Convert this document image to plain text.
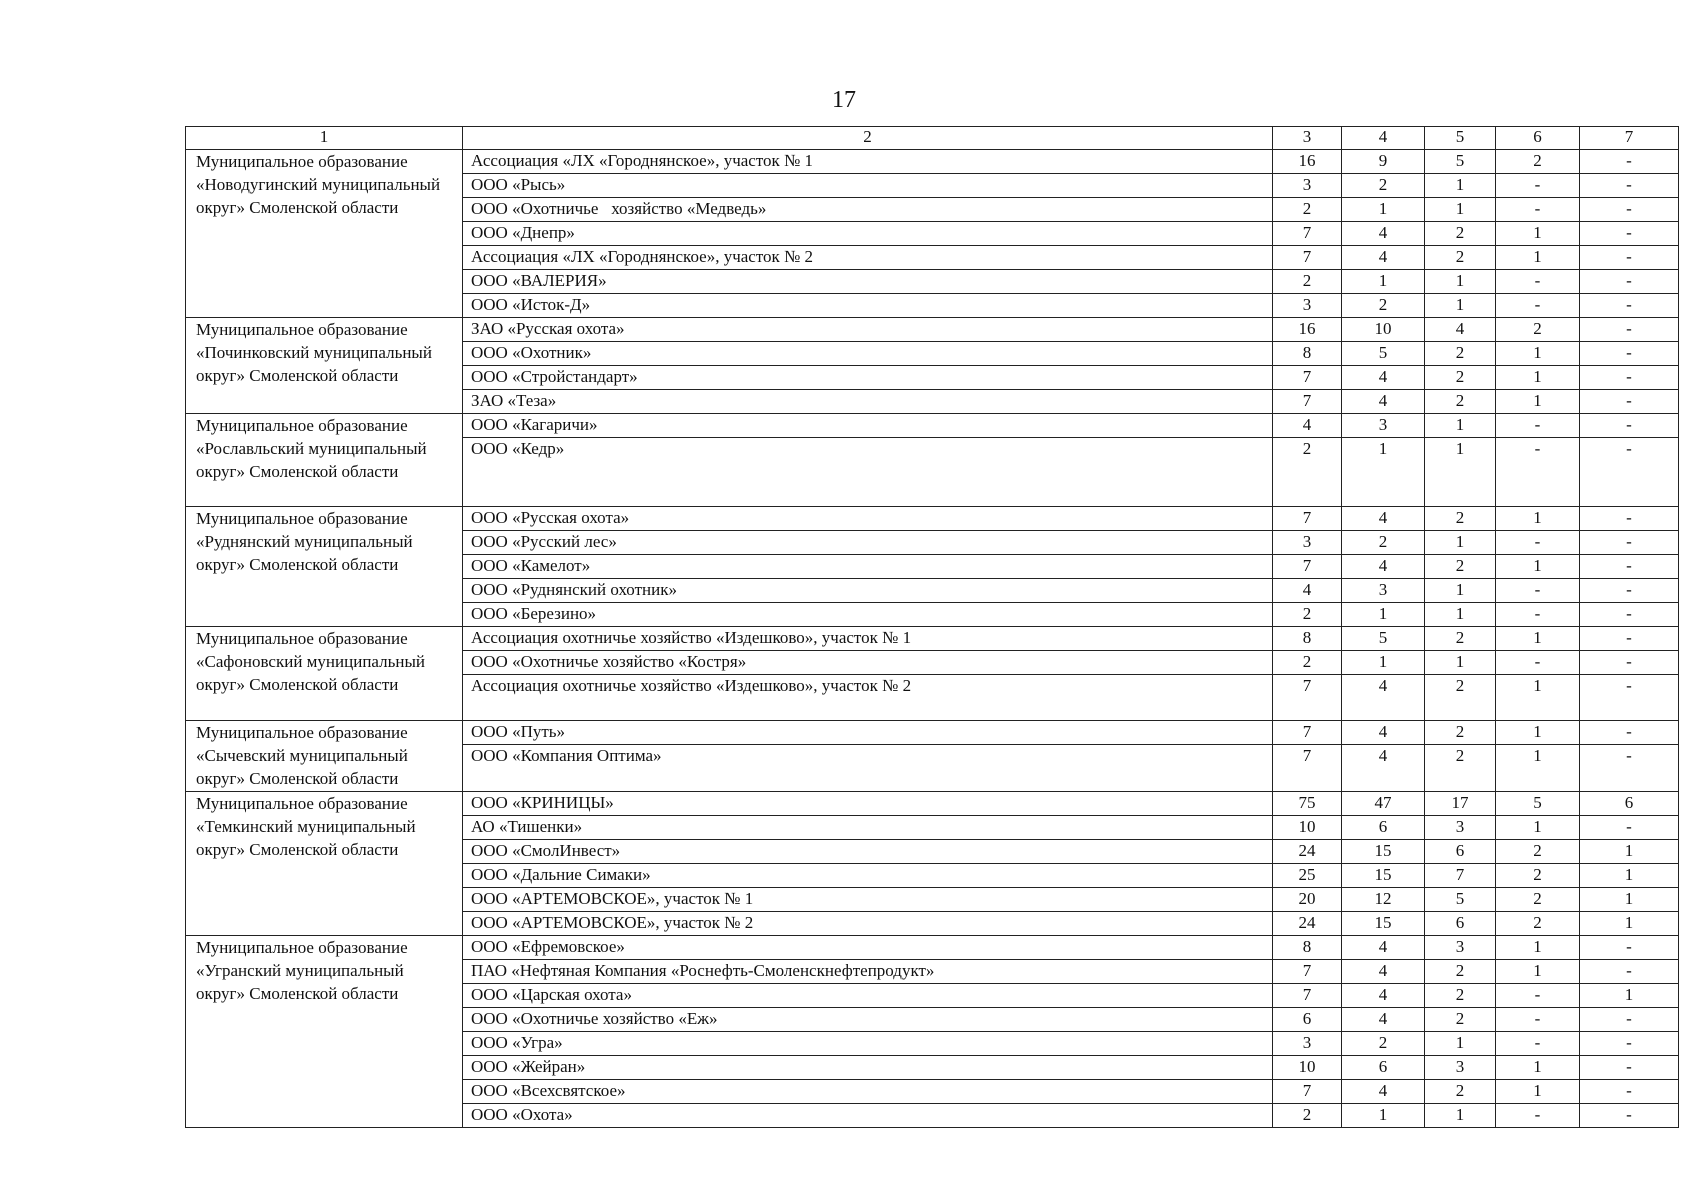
17
1	2	3	4	5	6	7
Муниципальное образование «Новодугинский муниципальный округ» Смоленской области	Ассоциация «ЛХ «Городнянское», участок № 1	16	9	5	2	-
	ООО «Рысь»	3	2	1	-	-
	ООО «Охотничье   хозяйство «Медведь»	2	1	1	-	-
	ООО «Днепр»	7	4	2	1	-
	Ассоциация «ЛХ «Городнянское», участок № 2	7	4	2	1	-
	ООО «ВАЛЕРИЯ»	2	1	1	-	-
	ООО «Исток-Д»	3	2	1	-	-
Муниципальное образование «Починковский муниципальный округ» Смоленской области	ЗАО «Русская охота»	16	10	4	2	-
	ООО «Охотник»	8	5	2	1	-
	ООО «Стройстандарт»	7	4	2	1	-
	ЗАО «Теза»	7	4	2	1	-
Муниципальное образование «Рославльский муниципальный округ» Смоленской области	ООО «Кагаричи»	4	3	1	-	-
	ООО «Кедр»	2	1	1	-	-
Муниципальное образование «Руднянский муниципальный округ» Смоленской области	ООО «Русская охота»	7	4	2	1	-
	ООО «Русский лес»	3	2	1	-	-
	ООО «Камелот»	7	4	2	1	-
	ООО «Руднянский охотник»	4	3	1	-	-
	ООО «Березино»	2	1	1	-	-
Муниципальное образование «Сафоновский муниципальный округ» Смоленской области	Ассоциация охотничье хозяйство «Издешково», участок № 1	8	5	2	1	-
	ООО «Охотничье хозяйство «Костря»	2	1	1	-	-
	Ассоциация охотничье хозяйство «Издешково», участок № 2	7	4	2	1	-
Муниципальное образование «Сычевский муниципальный округ» Смоленской области	ООО «Путь»	7	4	2	1	-
	ООО «Компания Оптима»	7	4	2	1	-
Муниципальное образование «Темкинский муниципальный округ» Смоленской области	ООО «КРИНИЦЫ»	75	47	17	5	6
	АО «Тишенки»	10	6	3	1	-
	ООО «СмолИнвест»	24	15	6	2	1
	ООО «Дальние Симаки»	25	15	7	2	1
	ООО «АРТЕМОВСКОЕ», участок № 1	20	12	5	2	1
	ООО «АРТЕМОВСКОЕ», участок № 2	24	15	6	2	1
Муниципальное образование «Угранский муниципальный округ» Смоленской области	ООО «Ефремовское»	8	4	3	1	-
	ПАО «Нефтяная Компания «Роснефть-Смоленскнефтепродукт»	7	4	2	1	-
	ООО «Царская охота»	7	4	2	-	1
	ООО «Охотничье хозяйство «Еж»	6	4	2	-	-
	ООО «Угра»	3	2	1	-	-
	ООО «Жейран»	10	6	3	1	-
	ООО «Всехсвятское»	7	4	2	1	-
	ООО «Охота»	2	1	1	-	-
